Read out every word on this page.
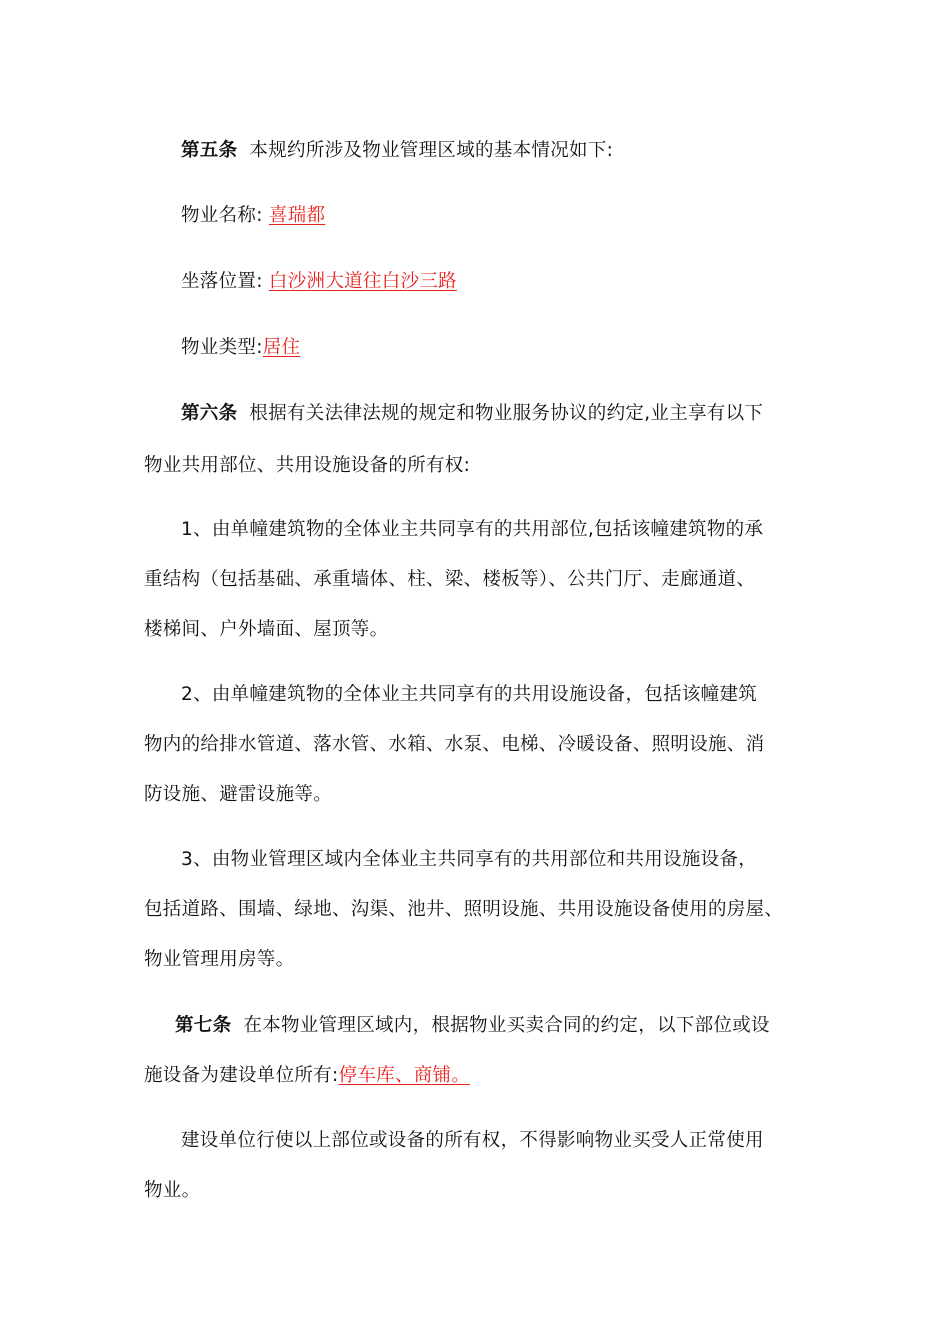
第五条 本规约所涉及物业管理区域的基本情况如下:
物业名称: 喜瑞都
坐落位置: 白沙洲大道往白沙三路
物业类型:居住
第六条 根据有关法律法规的规定和物业服务协议的约定,业主享有以下
物业共用部位、共用设施设备的所有权:
1、由单幢建筑物的全体业主共同享有的共用部位,包括该幢建筑物的承
重结构（包括基础、承重墙体、柱、梁、楼板等）、公共门厅、走廊通道、
楼梯间、户外墙面、屋顶等。
2、由单幢建筑物的全体业主共同享有的共用设施设备，包括该幢建筑
物内的给排水管道、落水管、水箱、水泵、电梯、冷暖设备、照明设施、消
防设施、避雷设施等。
3、由物业管理区域内全体业主共同享有的共用部位和共用设施设备，
包括道路、围墙、绿地、沟渠、池井、照明设施、共用设施设备使用的房屋、
物业管理用房等。
第七条 在本物业管理区域内，根据物业买卖合同的约定，以下部位或设
施设备为建设单位所有:停车库、商铺。
建设单位行使以上部位或设备的所有权，不得影响物业买受人正常使用
物业。
